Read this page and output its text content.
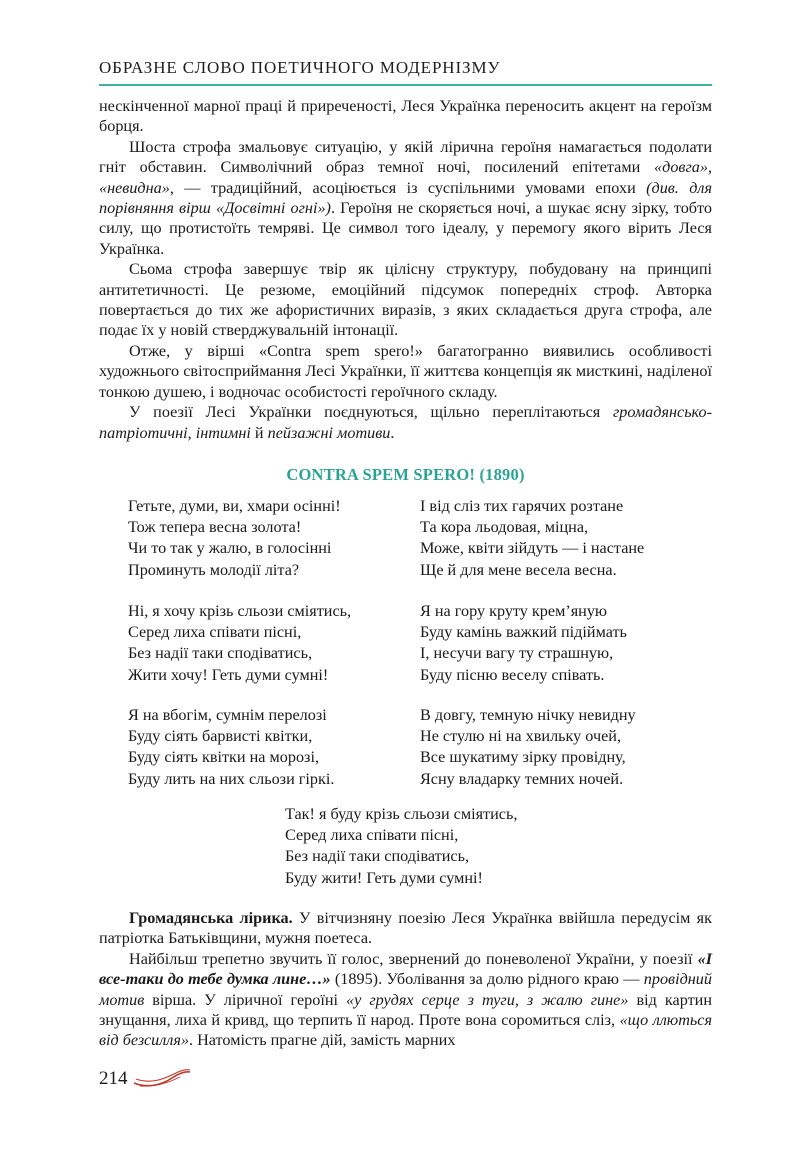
ОБРАЗНЕ СЛОВО ПОЕТИЧНОГО МОДЕРНІЗМУ

нескінченної марної праці й приреченості, Леся Українка переносить акцент на героїзм борця.

Шоста строфа змальовує ситуацію, у якій лірична героїня намагається подолати гніт обставин. Символічний образ темної ночі, посилений епітетами «довга», «невидна», — традиційний, асоціюється із суспільними умовами епохи (див. для порівняння вірш «Досвітні огні»). Героїня не скоряється ночі, а шукає ясну зірку, тобто силу, що протистоїть темряві. Це символ того ідеалу, у перемогу якого вірить Леся Українка.

Сьома строфа завершує твір як цілісну структуру, побудовану на принципі антитетичності. Це резюме, емоційний підсумок попередніх строф. Авторка повертається до тих же афористичних виразів, з яких складається друга строфа, але подає їх у новій стверджувальній інтонації.

Отже, у вірші «Contra spem spero!» багатогранно виявились особливості художнього світосприймання Лесі Українки, її життєва концепція як мисткині, наділеної тонкою душею, і водночас особистості героїчного складу.

У поезії Лесі Українки поєднуються, щільно переплітаються громадянсько-патріотичні, інтимні й пейзажні мотиви.

CONTRA SPEM SPERO! (1890)
Гетьте, думи, ви, хмари осінні!
Тож тепера весна золота!
Чи то так у жалю, в голосінні
Проминуть молодії літа?
Ні, я хочу крізь сльози сміятись,
Серед лиха співати пісні,
Без надії таки сподіватись,
Жити хочу! Геть думи сумні!
Я на вбогім, сумнім перелозі
Буду сіять барвисті квітки,
Буду сіять квітки на морозі,
Буду лить на них сльози гіркі.
І від сліз тих гарячих розтане
Та кора льодовая, міцна,
Може, квіти зійдуть — і настане
Ще й для мене весела весна.
Я на гору круту крем’яную
Буду камінь важкий підіймать
І, несучи вагу ту страшную,
Буду пісню веселу співать.
В довгу, темную нічку невидну
Не стулю ні на хвильку очей,
Все шукатиму зірку провідну,
Ясну владарку темних ночей.
Так! я буду крізь сльози сміятись,
Серед лиха співати пісні,
Без надії таки сподіватись,
Буду жити! Геть думи сумні!

Громадянська лірика. У вітчизняну поезію Леся Українка ввійшла передусім як патріотка Батьківщини, мужня поетеса.

Найбільш трепетно звучить її голос, звернений до поневоленої України, у поезії «І все-таки до тебе думка лине…» (1895). Уболівання за долю рідного краю — провідний мотив вірша. У ліричної героїні «у грудях серце з туги, з жалю гине» від картин знущання, лиха й кривд, що терпить її народ. Проте вона соромиться сліз, «що ллються від безсилля». Натомість прагне дій, замість марних

214
